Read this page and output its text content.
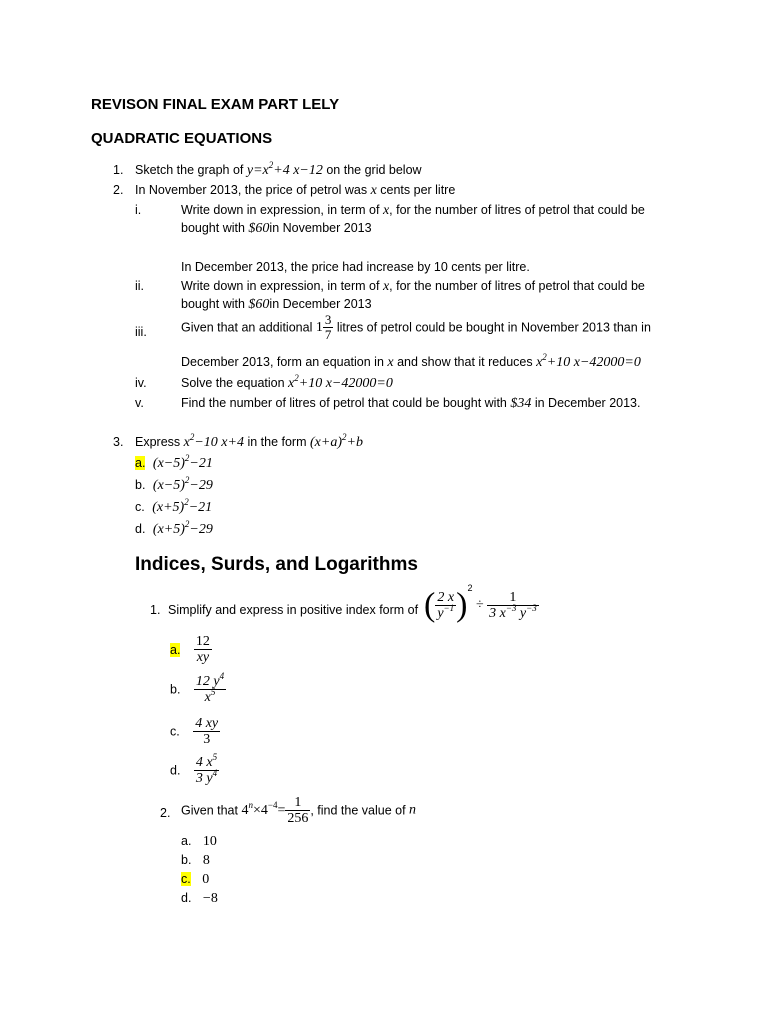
REVISON FINAL EXAM PART LELY
QUADRATIC EQUATIONS
1. Sketch the graph of $y=x^2+4$ x−12 on the grid below
2. In November 2013, the price of petrol was x cents per litre
i.	Write down in expression, in term of x, for the number of litres of petrol that could be
bought with $60in November 2013
In December 2013, the price had increase by 10 cents per litre.
ii.	Write down in expression, in term of x, for the number of litres of petrol that could be
bought with $60in December 2013
iii.	Given that an additional $1 \frac{3}{7}$ litres of petrol could be bought in November 2013 than in
December 2013, form an equation in x and show that it reduces $x^2+10$ x−42000=0
iv.	Solve the equation $x^2+10$ x−42000=0
v.	Find the number of litres of petrol that could be bought with $34 in December 2013.
3. Express $x^2-10$ x+4 in the form $(x+a)^2+b$
a. $(x-5)^2-21$
b. $(x-5)^2-29$
c. $(x+5)^2-21$
d. $(x+5)^2-29$
Indices, Surds, and Logarithms
1. Simplify and express in positive index form of ( $\frac{2 x}{y^{-1}} )^2 \div \frac{1}{3 x^{-3} y^{-3}}$
a. $\frac{12}{xy}$
b. $\frac{12 y^4}{x^5}$
c. $\frac{4 xy}{3}$
d. $\frac{4 x^5}{3 y^4}$
2. Given that $4^n\times 4^{-4}= \frac{1}{256}$ , find the value of n
a. 10
b. 8
c. 0
d. −8
